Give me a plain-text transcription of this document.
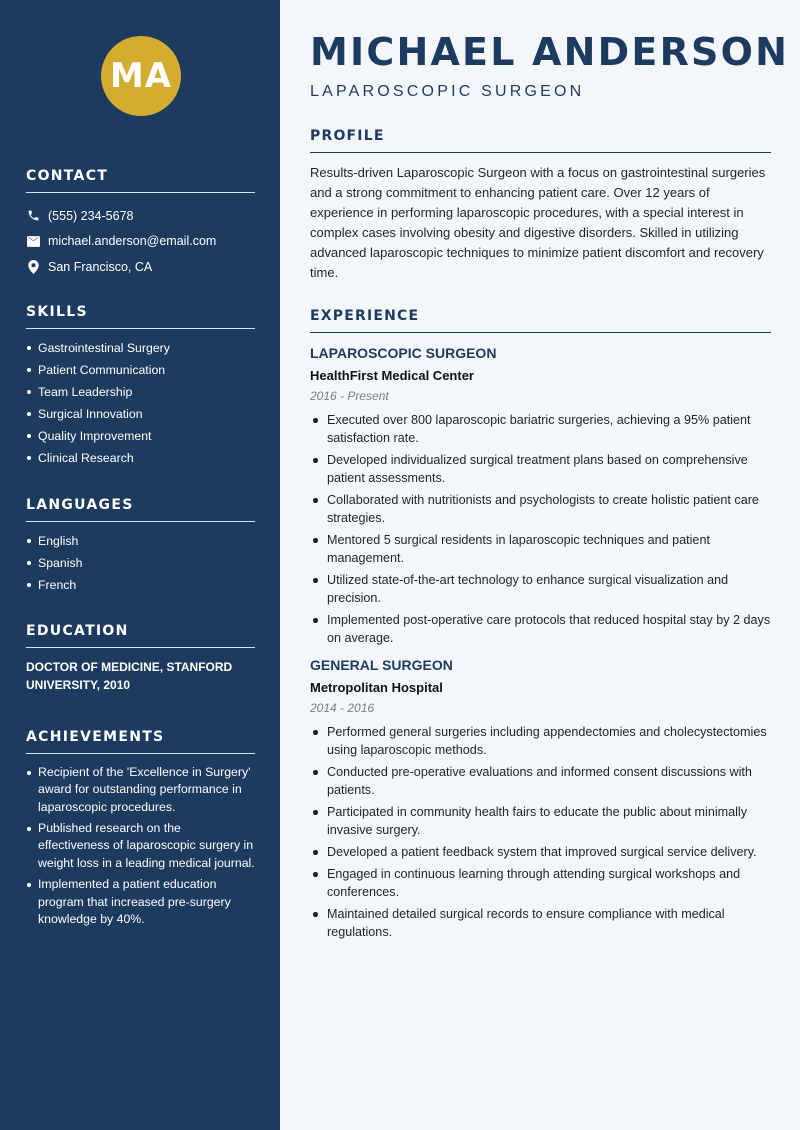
MA
CONTACT
(555) 234-5678
michael.anderson@email.com
San Francisco, CA
SKILLS
Gastrointestinal Surgery
Patient Communication
Team Leadership
Surgical Innovation
Quality Improvement
Clinical Research
LANGUAGES
English
Spanish
French
EDUCATION
DOCTOR OF MEDICINE, STANFORD
UNIVERSITY, 2010
ACHIEVEMENTS
Recipient of the 'Excellence in Surgery' award for outstanding performance in laparoscopic procedures.
Published research on the effectiveness of laparoscopic surgery in weight loss in a leading medical journal.
Implemented a patient education program that increased pre-surgery knowledge by 40%.
MICHAEL ANDERSON
LAPAROSCOPIC SURGEON
PROFILE

Results-driven Laparoscopic Surgeon with a focus on gastrointestinal surgeries and a strong commitment to enhancing patient care. Over 12 years of experience in performing laparoscopic procedures, with a special interest in complex cases involving obesity and digestive disorders. Skilled in utilizing advanced laparoscopic techniques to minimize patient discomfort and recovery time.

EXPERIENCE
LAPAROSCOPIC SURGEON
HealthFirst Medical Center
2016 - Present
Executed over 800 laparoscopic bariatric surgeries, achieving a 95% patient satisfaction rate.
Developed individualized surgical treatment plans based on comprehensive patient assessments.
Collaborated with nutritionists and psychologists to create holistic patient care strategies.
Mentored 5 surgical residents in laparoscopic techniques and patient management.
Utilized state-of-the-art technology to enhance surgical visualization and precision.
Implemented post-operative care protocols that reduced hospital stay by 2 days on average.
GENERAL SURGEON
Metropolitan Hospital
2014 - 2016
Performed general surgeries including appendectomies and cholecystectomies using laparoscopic methods.
Conducted pre-operative evaluations and informed consent discussions with patients.
Participated in community health fairs to educate the public about minimally invasive surgery.
Developed a patient feedback system that improved surgical service delivery.
Engaged in continuous learning through attending surgical workshops and conferences.
Maintained detailed surgical records to ensure compliance with medical regulations.
